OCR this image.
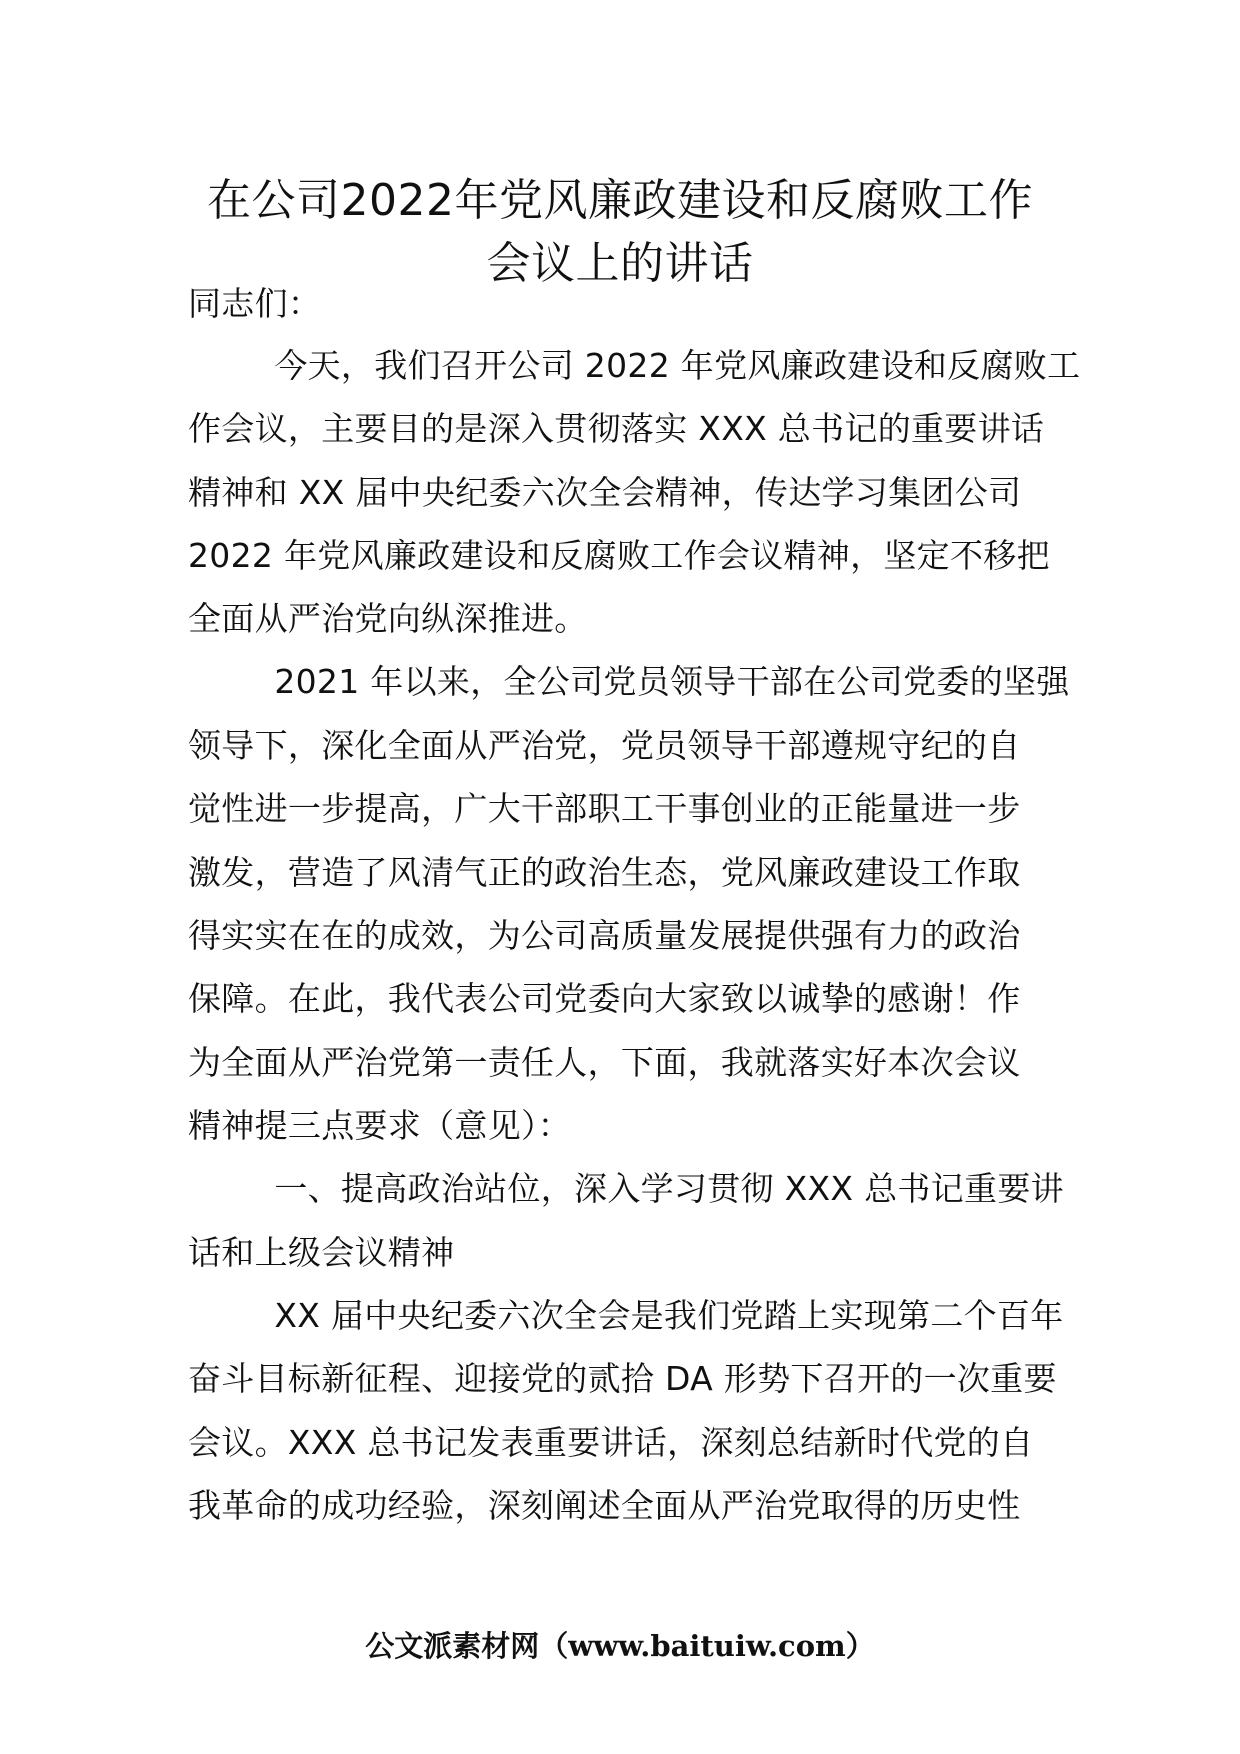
在公司2022年党风廉政建设和反腐败工作
会议上的讲话
同志们：
今天，我们召开公司 2022 年党风廉政建设和反腐败工
作会议，主要目的是深入贯彻落实 XXX 总书记的重要讲话
精神和 XX 届中央纪委六次全会精神，传达学习集团公司
2022 年党风廉政建设和反腐败工作会议精神，坚定不移把
全面从严治党向纵深推进。
2021 年以来，全公司党员领导干部在公司党委的坚强
领导下，深化全面从严治党，党员领导干部遵规守纪的自
觉性进一步提高，广大干部职工干事创业的正能量进一步
激发，营造了风清气正的政治生态，党风廉政建设工作取
得实实在在的成效，为公司高质量发展提供强有力的政治
保障。在此，我代表公司党委向大家致以诚挚的感谢！作
为全面从严治党第一责任人，下面，我就落实好本次会议
精神提三点要求（意见）：
一、提高政治站位，深入学习贯彻 XXX 总书记重要讲
话和上级会议精神
XX 届中央纪委六次全会是我们党踏上实现第二个百年
奋斗目标新征程、迎接党的贰拾 DA 形势下召开的一次重要
会议。XXX 总书记发表重要讲话，深刻总结新时代党的自
我革命的成功经验，深刻阐述全面从严治党取得的历史性
公文派素材网（www.baituiw.com）
